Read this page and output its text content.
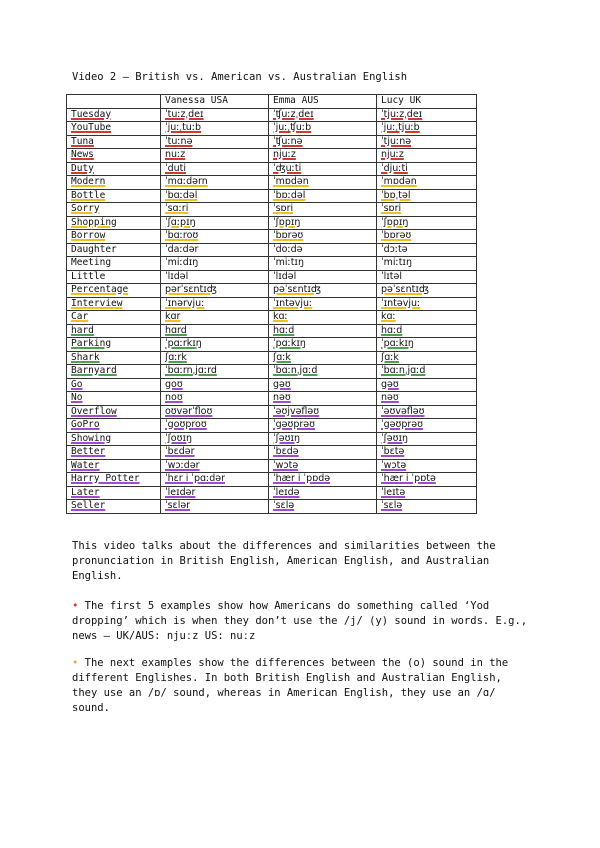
Video 2 – British vs. American vs. Australian English
	Vanessa USA	Emma AUS	Lucy UK
Tuesday	ˈtuːzˌdeɪ	ˈʧuːzˌdeɪ	ˈtjuːzˌdeɪ
YouTube	ˈjuːˌtuːb	ˈjuːˌʧuːb	ˈjuːˌtjuːb
Tuna	ˈtuːnə	ˈʧuːnə	ˈtjuːnə
News	nuːz	njuːz	njuːz
Duty	ˈduti	ˈʤuːti	ˈdjuːti
Modern	ˈmɑːdərn	ˈmɒdən	ˈmɒdən
Bottle	ˈbɑːdəl	ˈbɒːdəl	ˈbɒˌtəl
Sorry	ˈsɑːri	ˈsɒri	ˈsɒri
Shopping	ˈʃɑːpɪŋ	ˈʃɒpɪŋ	ˈʃɒpɪŋ
Borrow	ˈbɑːroʊ	ˈbɒrəʊ	ˈbɒrəʊ
Daughter	ˈdaːdər	ˈdoːdə	ˈdɔːtə
Meeting	ˈmiːdɪŋ	ˈmiːtɪŋ	ˈmiːtɪŋ
Little	ˈlɪdəl	ˈlɪdəl	ˈlɪtəl
Percentage	pərˈsɛntɪʤ	pəˈsɛntɪʤ	pəˈsɛntɪʤ
Interview	ˈɪnərvjuː	ˈɪntəvjuː	ˈɪntəvjuː
Car	kɑr	kɑː	kɑː
hard	hɑrd	hɑːd	hɑːd
Parking	ˈpɑːrkɪŋ	ˈpɑːkɪŋ	ˈpɑːkɪŋ
Shark	ʃɑːrk	ʃɑːk	ʃɑːk
Barnyard	ˈbɑːrnˌjɑːrd	ˈbɑːnˌjɑːd	ˈbɑːnˌjɑːd
Go	goʊ	gəʊ	gəʊ
No	noʊ	nəʊ	nəʊ
Overflow	oʊvərˈfloʊ	ˈəʊjvəfləʊ	ˈəʊvəfləʊ
GoPro	ˈgoʊproʊ	ˈgəʊprəʊ	ˈgəʊprəʊ
Showing	ˈʃoʊɪŋ	ˈʃəʊɪŋ	ˈʃəʊɪŋ
Better	ˈbɛdər	ˈbɛdə	ˈbɛtə
Water	ˈwɔːdər	ˈwɔtə	ˈwɔtə
Harry Potter	ˈhɛr i ˈpɑːdər	ˈhær i ˈpɒdə	ˈhær i ˈpɒtə
Later	ˈleɪdər	ˈleɪdə	ˈleɪtə
Seller	ˈsɛlər	ˈsɛlə	ˈsɛlə
This video talks about the differences and similarities between the pronunciation in British English, American English, and Australian English.
• The first 5 examples show how Americans do something called ‘Yod dropping’ which is when they don’t use the /j/ (y) sound in words. E.g., news – UK/AUS: njuːz US: nuːz
• The next examples show the differences between the (o) sound in the different Englishes. In both British English and Australian English, they use an /ɒ/ sound, whereas in American English, they use an /ɑ/ sound.
